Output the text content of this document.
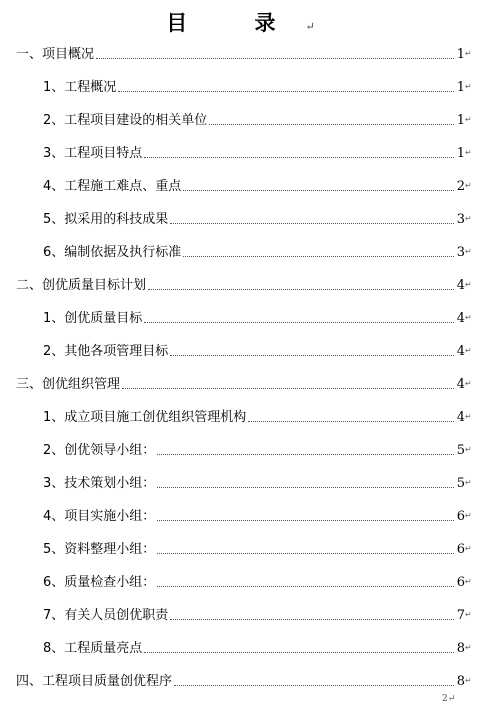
目 录↵
一、项目概况	1 ↵
1、工程概况	1 ↵
2、工程项目建设的相关单位	1 ↵
3、工程项目特点	1 ↵
4、工程施工难点、重点	2 ↵
5、拟采用的科技成果	3 ↵
6、编制依据及执行标准	3 ↵
二、创优质量目标计划	4 ↵
1、创优质量目标	4 ↵
2、其他各项管理目标	4 ↵
三、创优组织管理	4 ↵
1、成立项目施工创优组织管理机构	4 ↵
2、创优领导小组：	5 ↵
3、技术策划小组：	5 ↵
4、项目实施小组：	6 ↵
5、资料整理小组：	6 ↵
6、质量检查小组：	6 ↵
7、有关人员创优职责	7 ↵
8、工程质量亮点	8 ↵
四、工程项目质量创优程序	8 ↵
2↵
